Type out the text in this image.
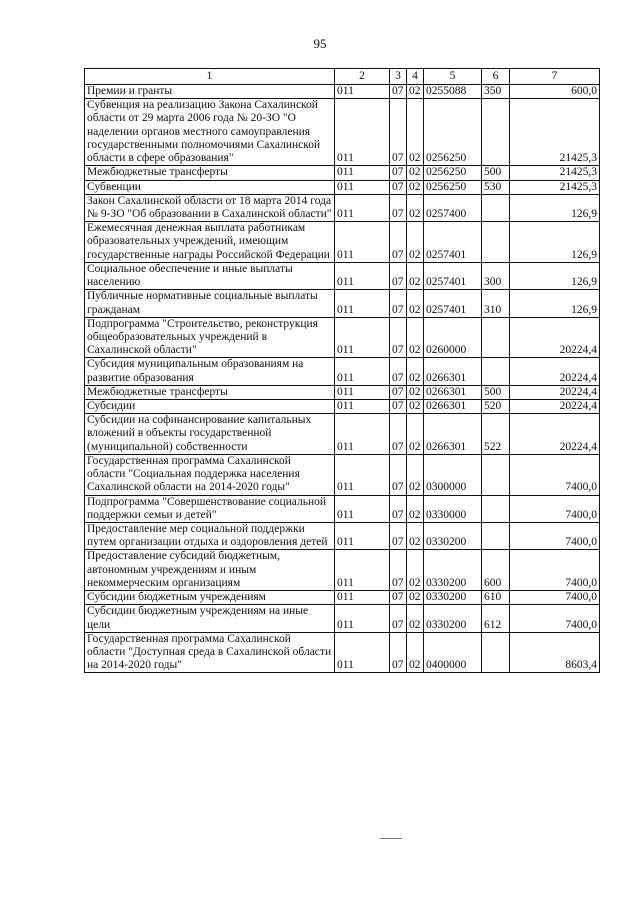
95
1	2	3	4	5	6	7
Премии и гранты	011	07	02	0255088	350	600,0
Субвенция на реализацию Закона Сахалинской области от 29 марта 2006 года № 20-ЗО "О наделении органов местного самоуправления государственными полномочиями Сахалинской области в сфере образования"	011	07	02	0256250		21425,3
Межбюджетные трансферты	011	07	02	0256250	500	21425,3
Субвенции	011	07	02	0256250	530	21425,3
Закон Сахалинской области от 18 марта 2014 года № 9-ЗО "Об образовании в Сахалинской области"	011	07	02	0257400		126,9
Ежемесячная денежная выплата работникам образовательных учреждений, имеющим государственные награды Российской Федерации	011	07	02	0257401		126,9
Социальное обеспечение и иные выплаты населению	011	07	02	0257401	300	126,9
Публичные нормативные социальные выплаты гражданам	011	07	02	0257401	310	126,9
Подпрограмма "Строительство, реконструкция общеобразовательных учреждений в Сахалинской области"	011	07	02	0260000		20224,4
Субсидия муниципальным образованиям на развитие образования	011	07	02	0266301		20224,4
Межбюджетные трансферты	011	07	02	0266301	500	20224,4
Субсидии	011	07	02	0266301	520	20224,4
Субсидии на софинансирование капитальных вложений в объекты государственной (муниципальной) собственности	011	07	02	0266301	522	20224,4
Государственная программа Сахалинской области "Социальная поддержка населения Сахалинской области на 2014-2020 годы"	011	07	02	0300000		7400,0
Подпрограмма "Совершенствование социальной поддержки семьи и детей"	011	07	02	0330000		7400,0
Предоставление мер социальной поддержки путем организации отдыха и оздоровления детей	011	07	02	0330200		7400,0
Предоставление субсидий бюджетным, автономным учреждениям и иным некоммерческим организациям	011	07	02	0330200	600	7400,0
Субсидии бюджетным учреждениям	011	07	02	0330200	610	7400,0
Субсидии бюджетным учреждениям на иные цели	011	07	02	0330200	612	7400,0
Государственная программа Сахалинской области "Доступная среда в Сахалинской области на 2014-2020 годы"	011	07	02	0400000		8603,4
